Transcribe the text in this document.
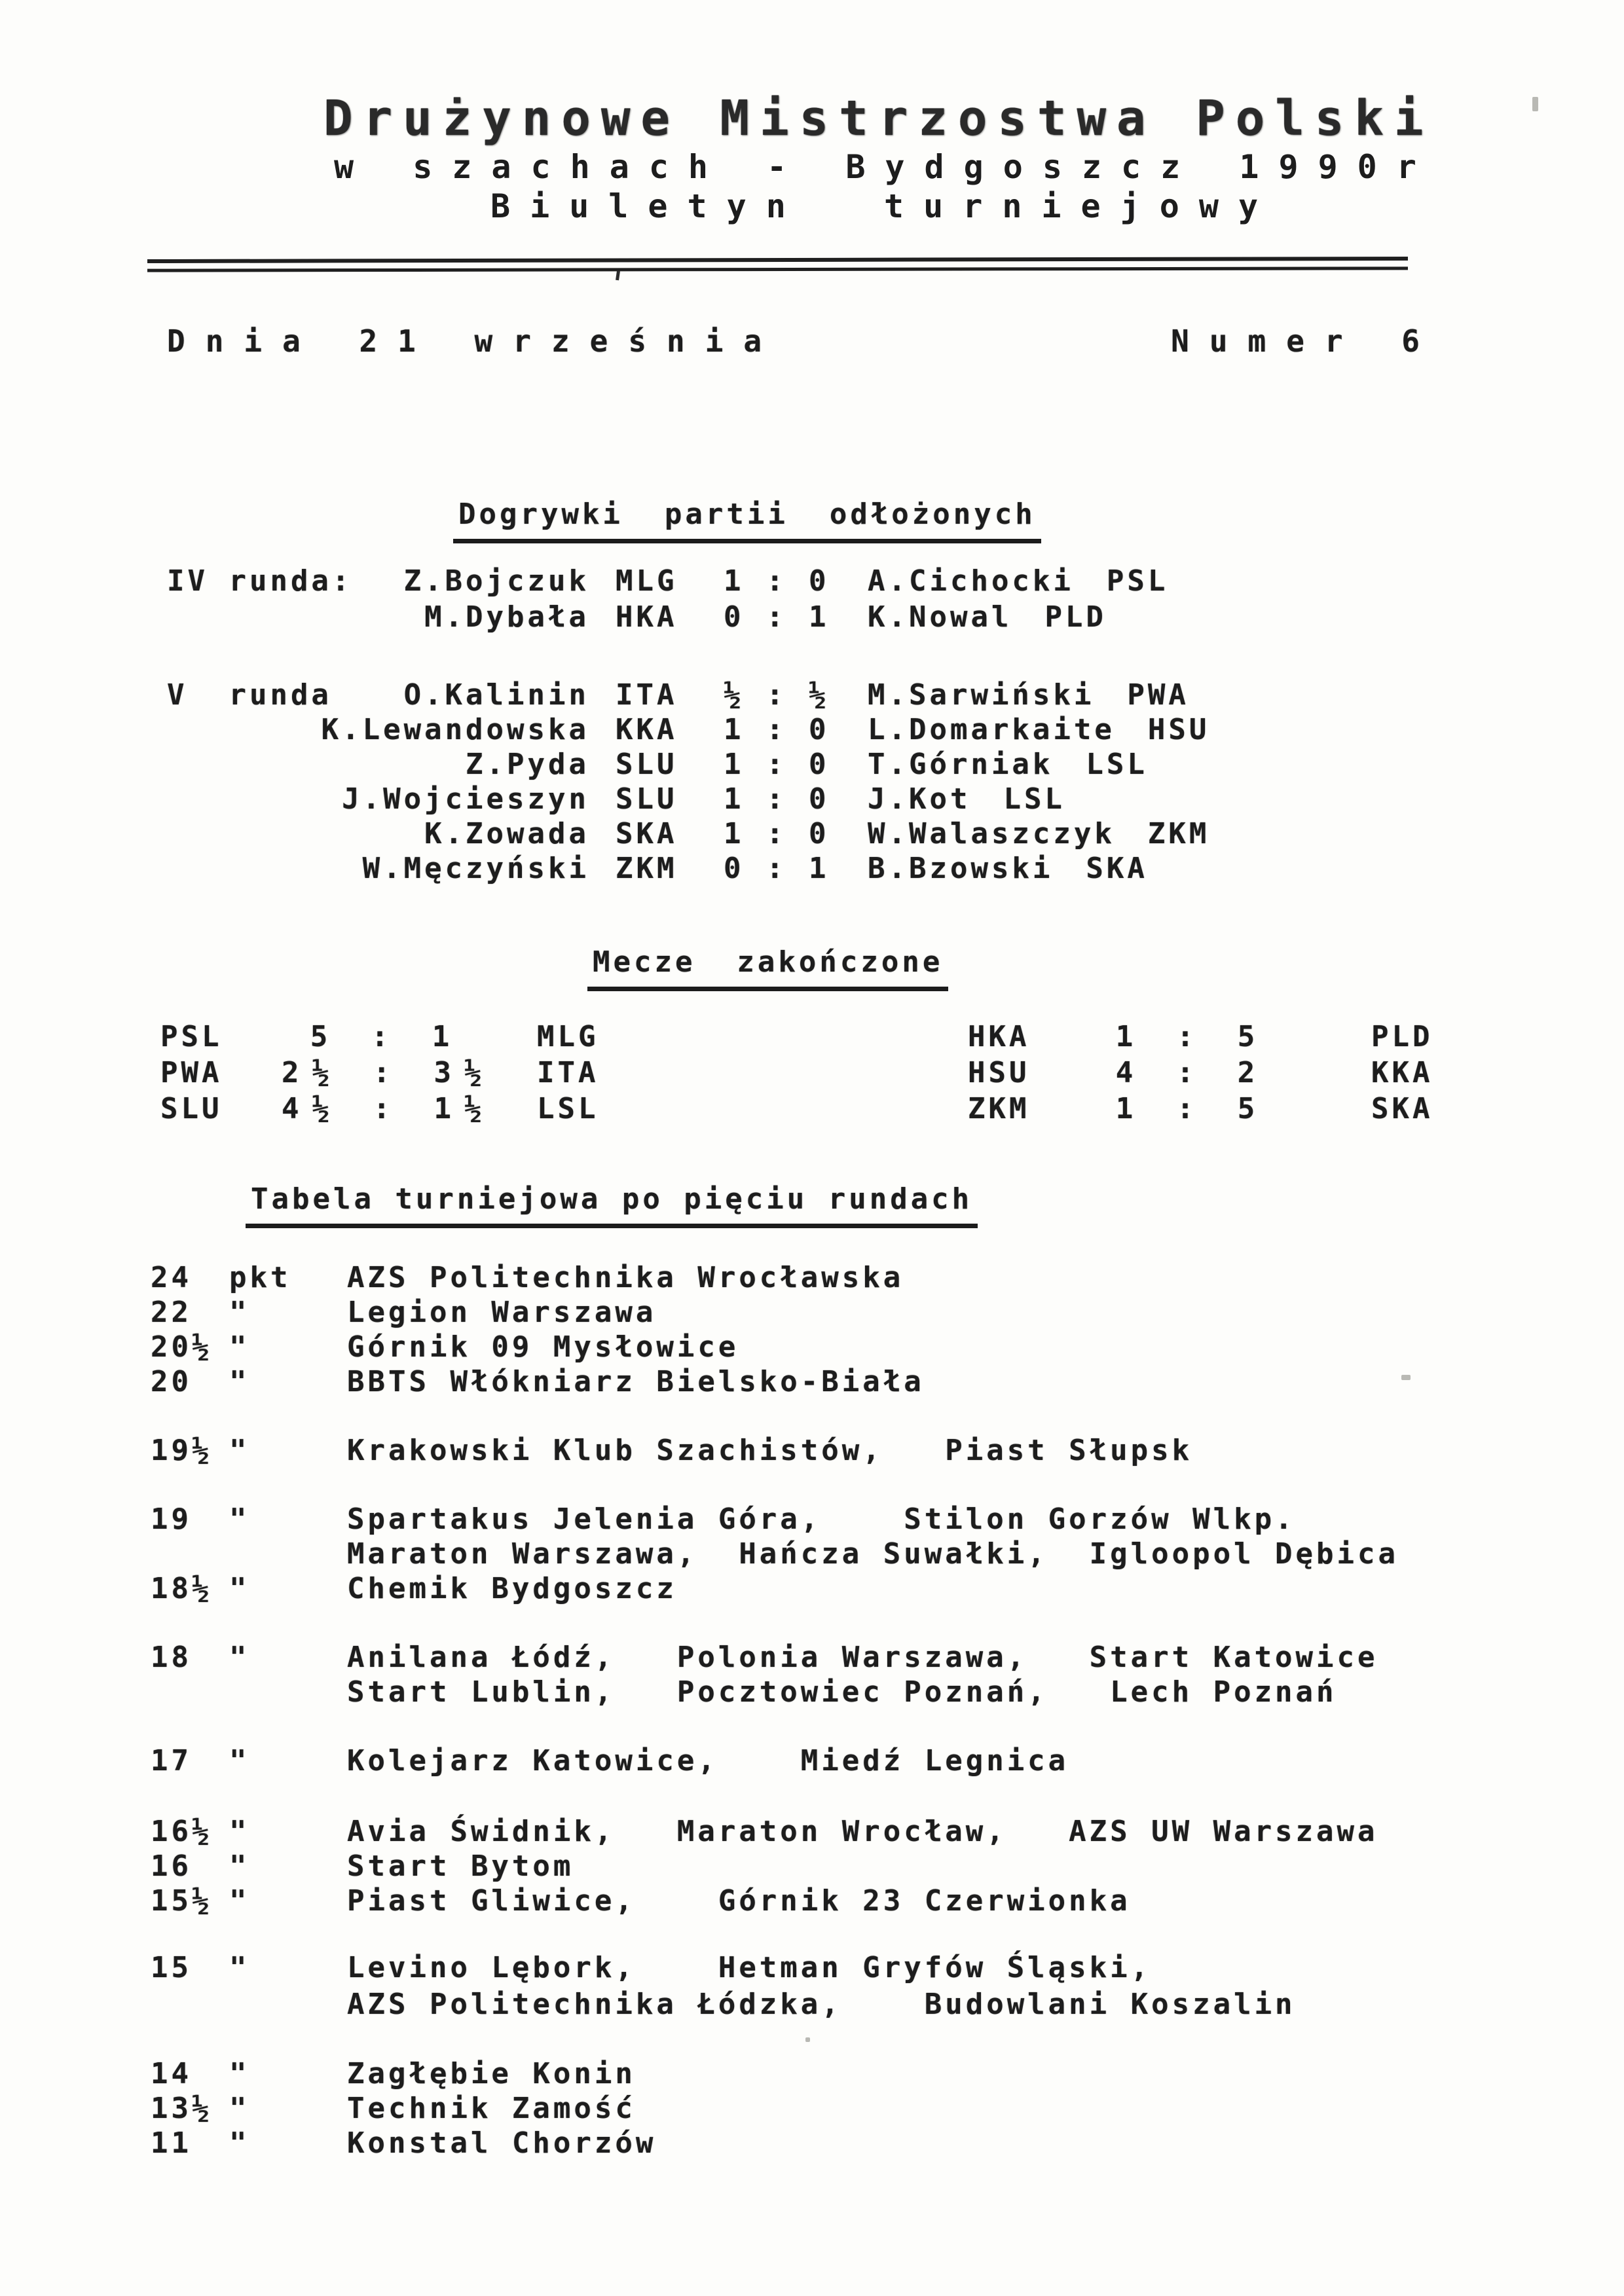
Drużynowe Mistrzostwa Polski
w szachach - Bydgoszcz 1990r
Biuletyn  turniejowy
Dnia 21 września	Numer 6
Dogrywki  partii  odłożonych
IV runda:	Z.Bojczuk MLG	1 : 0	A.Cichocki PSL
M.Dybała HKA	0 : 1	K.Nowal PLD
V  runda	O.Kalinin ITA	½ : ½	M.Sarwiński PWA
K.Lewandowska KKA	1 : 0	L.Domarkaite HSU
Z.Pyda SLU	1 : 0	T.Górniak LSL
J.Wojcieszyn SLU	1 : 0	J.Kot LSL
K.Zowada SKA	1 : 0	W.Walaszczyk ZKM
W.Męczyński ZKM	0 : 1	B.Bzowski SKA
Mecze  zakończone
PSL	5 : 1	MLG
PWA	2½ : 3½	ITA
SLU	4½ : 1½	LSL
HKA	1 : 5	PLD
HSU	4 : 2	KKA
ZKM	1 : 5	SKA
Tabela turniejowa po pięciu rundach
24	pkt	AZS Politechnika Wrocławska
22	"	Legion Warszawa
20½ "	Górnik 09 Mysłowice
20	"	BBTS Włókniarz Bielsko-Biała
19½ "	Krakowski Klub Szachistów,   Piast Słupsk
19	"	Spartakus Jelenia Góra,    Stilon Gorzów Wlkp.
Maraton Warszawa,  Hańcza Suwałki,  Igloopol Dębica
18½ "	Chemik Bydgoszcz
18	"	Anilana Łódź,   Polonia Warszawa,   Start Katowice
Start Lublin,   Pocztowiec Poznań,   Lech Poznań
17	"	Kolejarz Katowice,    Miedź Legnica
16½ "	Avia Świdnik,   Maraton Wrocław,   AZS UW Warszawa
16	"	Start Bytom
15½ "	Piast Gliwice,    Górnik 23 Czerwionka
15	"	Levino Lębork,    Hetman Gryfów Śląski,
AZS Politechnika Łódzka,    Budowlani Koszalin
14	"	Zagłębie Konin
13½ "	Technik Zamość
11	"	Konstal Chorzów
